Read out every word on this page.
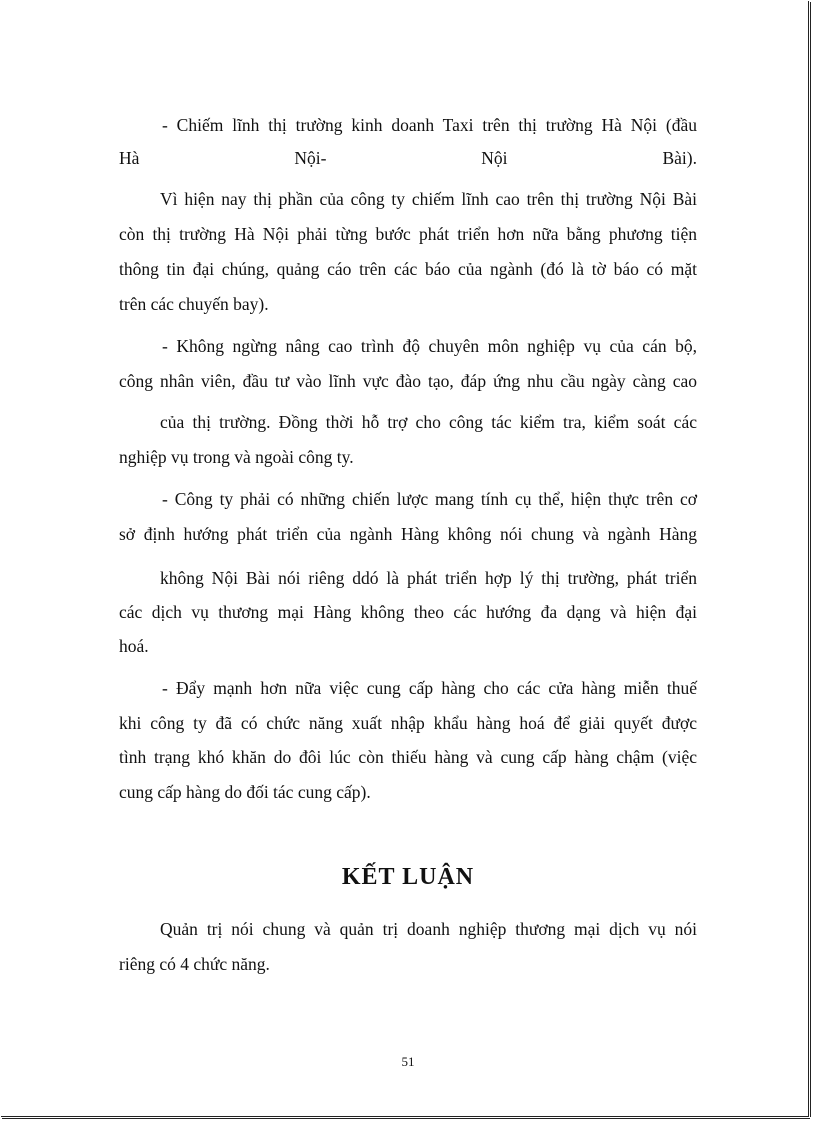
- Chiếm lĩnh thị trường kinh doanh Taxi trên thị trường Hà Nội (đầu
Hà	Nội-	Nội	Bài).
Vì hiện nay thị phần của công ty chiếm lĩnh cao trên thị trường Nội Bài
còn thị trường Hà Nội phải từng bước phát triển hơn nữa bằng phương tiện
thông tin đại chúng, quảng cáo trên các báo của ngành (đó là tờ báo có mặt
trên các chuyến bay).
- Không ngừng nâng cao trình độ chuyên môn nghiệp vụ của cán bộ,
công nhân viên, đầu tư vào lĩnh vực đào tạo, đáp ứng nhu cầu ngày càng cao
của thị trường. Đồng thời hỗ trợ cho công tác kiểm tra, kiểm soát các
nghiệp vụ trong và ngoài công ty.
- Công ty phải có những chiến lược mang tính cụ thể, hiện thực trên cơ
sở định hướng phát triển của ngành Hàng không nói chung và ngành Hàng
không Nội Bài nói riêng ddó là phát triển hợp lý thị trường, phát triển
các dịch vụ thương mại Hàng không theo các hướng đa dạng và hiện đại
hoá.
- Đẩy mạnh hơn nữa việc cung cấp hàng cho các cửa hàng miễn thuế
khi công ty đã có chức năng xuất nhập khẩu hàng hoá để giải quyết được
tình trạng khó khăn do đôi lúc còn thiếu hàng và cung cấp hàng chậm (việc
cung cấp hàng do đối tác cung cấp).
KẾT LUẬN
Quản trị nói chung và quản trị doanh nghiệp thương mại dịch vụ nói
riêng có 4 chức năng.
51
